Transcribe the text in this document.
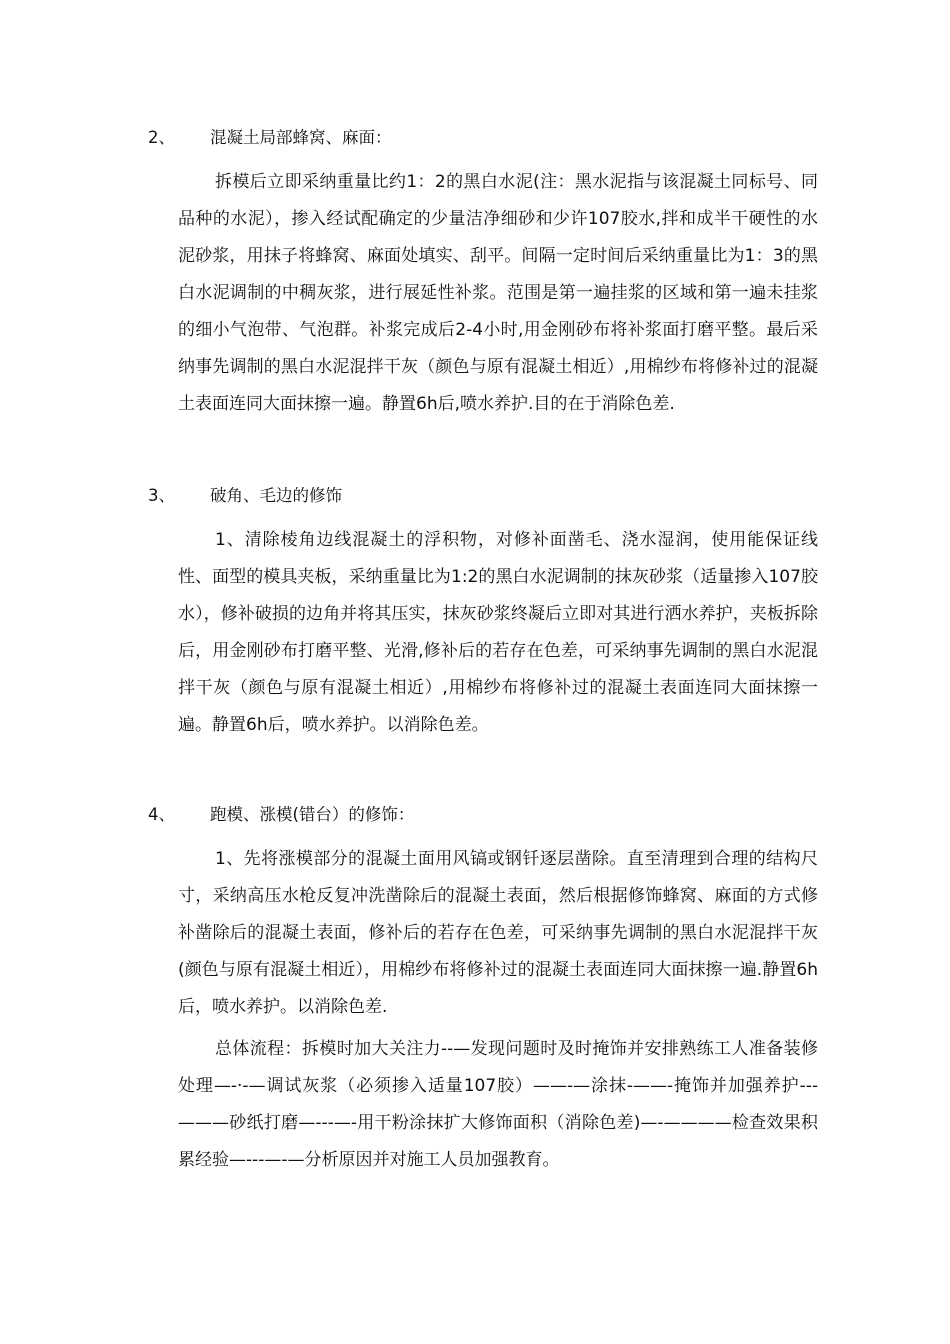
2、 混凝土局部蜂窝、麻面：

拆模后立即采纳重量比约1：2的黑白水泥(注：黑水泥指与该混凝土同标号、同品种的水泥），掺入经试配确定的少量洁净细砂和少许107胶水,拌和成半干硬性的水泥砂浆，用抹子将蜂窝、麻面处填实、刮平。间隔一定时间后采纳重量比为1：3的黑白水泥调制的中稠灰浆，进行展延性补浆。范围是第一遍挂浆的区域和第一遍未挂浆的细小气泡带、气泡群。补浆完成后2-4小时,用金刚砂布将补浆面打磨平整。最后采纳事先调制的黑白水泥混拌干灰（颜色与原有混凝土相近）,用棉纱布将修补过的混凝土表面连同大面抹擦一遍。静置6h后,喷水养护.目的在于消除色差.

3、 破角、毛边的修饰

1、清除棱角边线混凝土的浮积物，对修补面凿毛、浇水湿润，使用能保证线性、面型的模具夹板，采纳重量比为1:2的黑白水泥调制的抹灰砂浆（适量掺入107胶水），修补破损的边角并将其压实，抹灰砂浆终凝后立即对其进行洒水养护，夹板拆除后，用金刚砂布打磨平整、光滑,修补后的若存在色差，可采纳事先调制的黑白水泥混拌干灰（颜色与原有混凝土相近）,用棉纱布将修补过的混凝土表面连同大面抹擦一遍。静置6h后，喷水养护。以消除色差。

4、 跑模、涨模(错台）的修饰：

1、先将涨模部分的混凝土面用风镐或钢钎逐层凿除。直至清理到合理的结构尺寸，采纳高压水枪反复冲洗凿除后的混凝土表面，然后根据修饰蜂窝、麻面的方式修补凿除后的混凝土表面，修补后的若存在色差，可采纳事先调制的黑白水泥混拌干灰(颜色与原有混凝土相近），用棉纱布将修补过的混凝土表面连同大面抹擦一遍.静置6h后，喷水养护。以消除色差.

总体流程：拆模时加大关注力--—发现问题时及时掩饰并安排熟练工人准备装修处理—-·-—调试灰浆（必须掺入适量107胶）——-—涂抹-——-掩饰并加强养护---———砂纸打磨—---—-用干粉涂抹扩大修饰面积（消除色差)—-————检查效果积累经验—---—-—分析原因并对施工人员加强教育。
